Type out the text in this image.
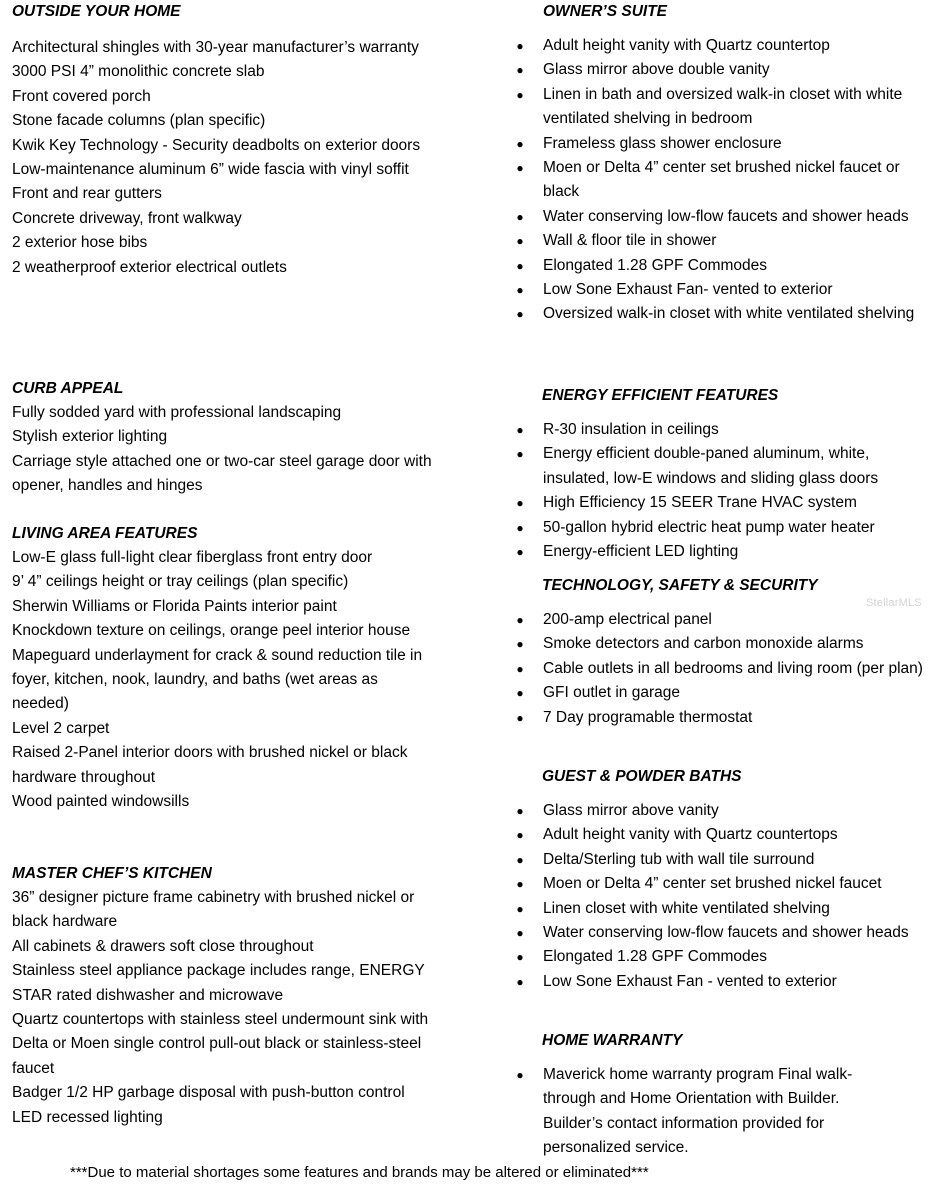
OUTSIDE YOUR HOME
Architectural shingles with 30-year manufacturer’s warranty
3000 PSI 4” monolithic concrete slab
Front covered porch
Stone facade columns (plan specific)
Kwik Key Technology - Security deadbolts on exterior doors
Low-maintenance aluminum 6” wide fascia with vinyl soffit
Front and rear gutters
Concrete driveway, front walkway
2 exterior hose bibs
2 weatherproof exterior electrical outlets
CURB APPEAL
Fully sodded yard with professional landscaping
Stylish exterior lighting
Carriage style attached one or two-car steel garage door with opener, handles and hinges
LIVING AREA FEATURES
Low-E glass full-light clear fiberglass front entry door
9’ 4” ceilings height or tray ceilings (plan specific)
Sherwin Williams or Florida Paints interior paint
Knockdown texture on ceilings, orange peel interior house
Mapeguard underlayment for crack & sound reduction tile in foyer, kitchen, nook, laundry, and baths (wet areas as needed)
Level 2 carpet
Raised 2-Panel interior doors with brushed nickel or black hardware throughout
Wood painted windowsills
MASTER CHEF’S KITCHEN
36” designer picture frame cabinetry with brushed nickel or black hardware
All cabinets & drawers soft close throughout
Stainless steel appliance package includes range, ENERGY STAR rated dishwasher and microwave
Quartz countertops with stainless steel undermount sink with Delta or Moen single control pull-out black or stainless-steel faucet
Badger 1/2 HP garbage disposal with push-button control
LED recessed lighting
OWNER’S SUITE
● Adult height vanity with Quartz countertop
● Glass mirror above double vanity
● Linen in bath and oversized walk-in closet with white ventilated shelving in bedroom
● Frameless glass shower enclosure
● Moen or Delta 4” center set brushed nickel faucet or black
● Water conserving low-flow faucets and shower heads
● Wall & floor tile in shower
● Elongated 1.28 GPF Commodes
● Low Sone Exhaust Fan- vented to exterior
● Oversized walk-in closet with white ventilated shelving
ENERGY EFFICIENT FEATURES
● R-30 insulation in ceilings
● Energy efficient double-paned aluminum, white, insulated, low-E windows and sliding glass doors
● High Efficiency 15 SEER Trane HVAC system
● 50-gallon hybrid electric heat pump water heater
● Energy-efficient LED lighting
TECHNOLOGY, SAFETY & SECURITY
● 200-amp electrical panel
● Smoke detectors and carbon monoxide alarms
● Cable outlets in all bedrooms and living room (per plan)
● GFI outlet in garage
● 7 Day programable thermostat
GUEST & POWDER BATHS
● Glass mirror above vanity
● Adult height vanity with Quartz countertops
● Delta/Sterling tub with wall tile surround
● Moen or Delta 4” center set brushed nickel faucet
● Linen closet with white ventilated shelving
● Water conserving low-flow faucets and shower heads
● Elongated 1.28 GPF Commodes
● Low Sone Exhaust Fan - vented to exterior
HOME WARRANTY
● Maverick home warranty program Final walk-through and Home Orientation with Builder. Builder’s contact information provided for personalized service.
StellarMLS
***Due to material shortages some features and brands may be altered or eliminated***
